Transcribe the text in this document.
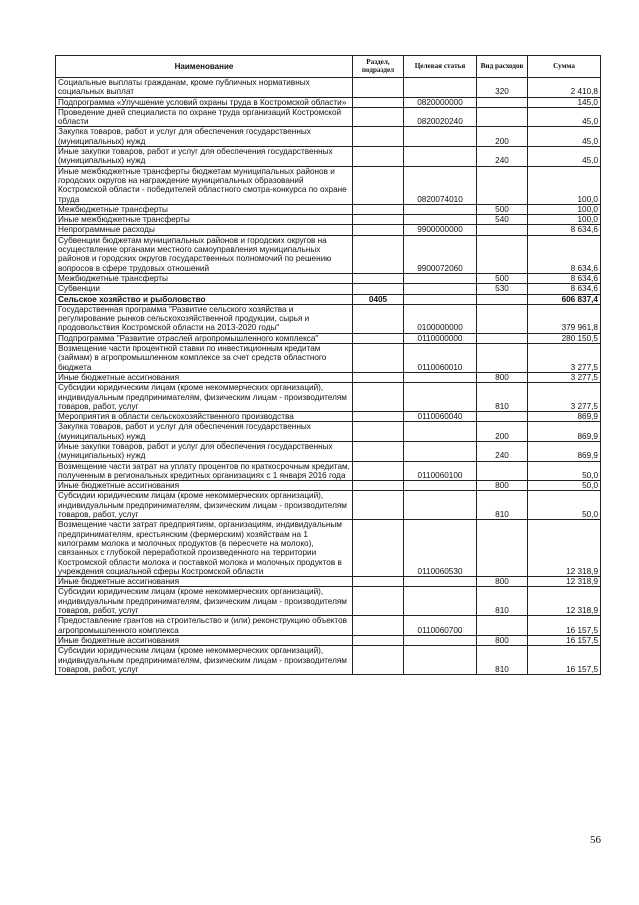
Наименование	Раздел, подраздел	Целевая статья	Вид расходов	Сумма
Социальные выплаты гражданам, кроме публичных нормативных социальных выплат			320	2 410,8
Подпрограмма «Улучшение условий охраны труда в Костромской области»		0820000000		145,0
Проведение дней специалиста по охране труда организаций Костромской области		0820020240		45,0
Закупка товаров, работ и услуг для обеспечения государственных (муниципальных) нужд			200	45,0
Иные закупки товаров, работ и услуг для обеспечения государственных (муниципальных) нужд			240	45,0
Иные межбюджетные трансферты бюджетам муниципальных районов и городских округов на награждение муниципальных образований Костромской области - победителей областного смотра-конкурса по охране труда		0820074010		100,0
Межбюджетные трансферты			500	100,0
Иные межбюджетные трансферты			540	100,0
Непрограммные расходы		9900000000		8 634,6
Субвенции бюджетам муниципальных районов и городских округов на осуществление органами местного самоуправления муниципальных районов и городских округов государственных полномочий по решению вопросов в сфере трудовых отношений		9900072060		8 634,6
Межбюджетные трансферты			500	8 634,6
Субвенции			530	8 634,6
Сельское хозяйство и рыболовство	0405			606 837,4
Государственная программа "Развитие сельского хозяйства и регулирование рынков сельскохозяйственной продукции, сырья и продовольствия Костромской области на 2013-2020 годы"		0100000000		379 961,8
Подпрограмма "Развитие отраслей агропромышленного комплекса"		0110000000		280 150,5
Возмещение части процентной ставки по инвестиционным кредитам (займам) в агропромышленном комплексе за счет средств областного бюджета		0110060010		3 277,5
Иные бюджетные ассигнования			800	3 277,5
Субсидии юридическим лицам (кроме некоммерческих организаций), индивидуальным предпринимателям, физическим лицам - производителям товаров, работ, услуг			810	3 277,5
Мероприятия в области сельскохозяйственного производства		0110060040		869,9
Закупка товаров, работ и услуг для обеспечения государственных (муниципальных) нужд			200	869,9
Иные закупки товаров, работ и услуг для обеспечения государственных (муниципальных) нужд			240	869,9
Возмещение части затрат на уплату процентов по краткосрочным кредитам, полученным в региональных кредитных организациях с 1 января 2016 года		0110060100		50,0
Иные бюджетные ассигнования			800	50,0
Субсидии юридическим лицам (кроме некоммерческих организаций), индивидуальным предпринимателям, физическим лицам - производителям товаров, работ, услуг			810	50,0
Возмещение части затрат предприятиям, организациям, индивидуальным предпринимателям, крестьянским (фермерским) хозяйствам на 1 килограмм молока и молочных продуктов (в пересчете на молоко), связанных с глубокой переработкой произведенного на территории Костромской области молока и поставкой молока и молочных продуктов в учреждения социальной сферы Костромской области		0110060530		12 318,9
Иные бюджетные ассигнования			800	12 318,9
Субсидии юридическим лицам (кроме некоммерческих организаций), индивидуальным предпринимателям, физическим лицам - производителям товаров, работ, услуг			810	12 318,9
Предоставление грантов на строительство и (или) реконструкцию объектов агропромышленного комплекса		0110060700		16 157,5
Иные бюджетные ассигнования			800	16 157,5
Субсидии юридическим лицам (кроме некоммерческих организаций), индивидуальным предпринимателям, физическим лицам - производителям товаров, работ, услуг			810	16 157,5
56
